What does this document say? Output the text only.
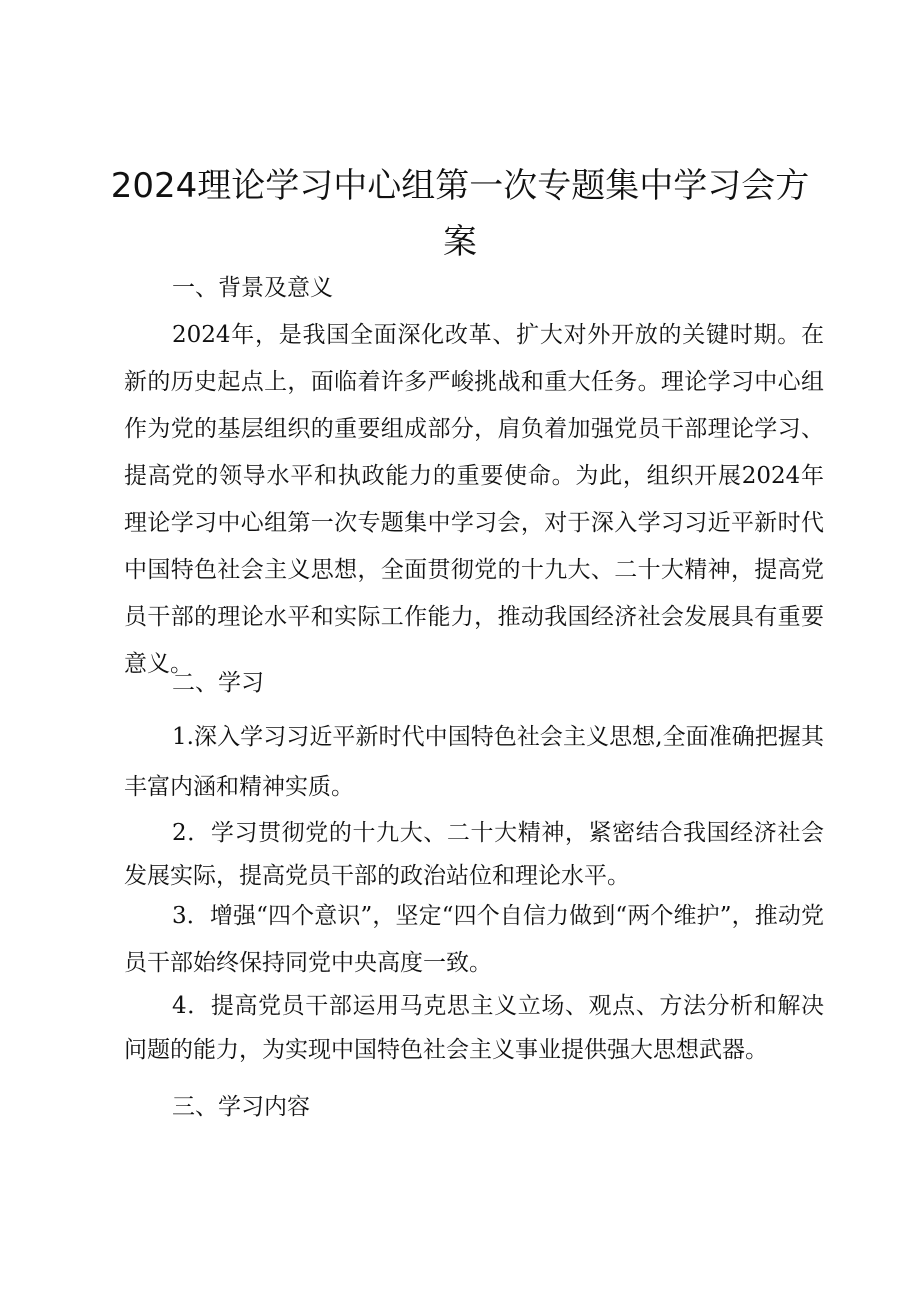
2024理论学习中心组第一次专题集中学习会方案

一、背景及意义

2024年，是我国全面深化改革、扩大对外开放的关键时期。在新的历史起点上，面临着许多严峻挑战和重大任务。理论学习中心组作为党的基层组织的重要组成部分，肩负着加强党员干部理论学习、提高党的领导水平和执政能力的重要使命。为此，组织开展2024年理论学习中心组第一次专题集中学习会，对于深入学习习近平新时代中国特色社会主义思想，全面贯彻党的十九大、二十大精神，提高党员干部的理论水平和实际工作能力，推动我国经济社会发展具有重要意义。

二、学习

1.深入学习习近平新时代中国特色社会主义思想,全面准确把握其丰富内涵和精神实质。

2．学习贯彻党的十九大、二十大精神，紧密结合我国经济社会发展实际，提高党员干部的政治站位和理论水平。

3．增强“四个意识”，坚定“四个自信力做到“两个维护”，推动党员干部始终保持同党中央高度一致。

4．提高党员干部运用马克思主义立场、观点、方法分析和解决问题的能力，为实现中国特色社会主义事业提供强大思想武器。

三、学习内容
